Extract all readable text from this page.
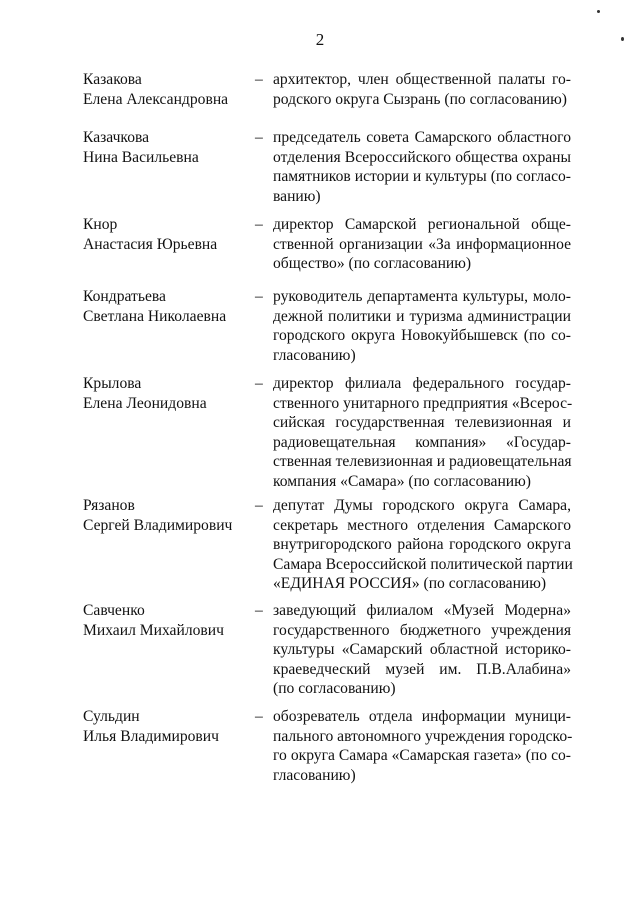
2
Казакова
Елена Александровна
– архитектор, член общественной палаты го-
родского округа Сызрань (по согласованию)
Казачкова
Нина Васильевна
– председатель совета Самарского областного
отделения Всероссийского общества охраны
памятников истории и культуры (по согласо-
ванию)
Кнор
Анастасия Юрьевна
– директор Самарской региональной обще-
ственной организации «За информационное
общество» (по согласованию)
Кондратьева
Светлана Николаевна
– руководитель департамента культуры, моло-
дежной политики и туризма администрации
городского округа Новокуйбышевск (по со-
гласованию)
Крылова
Елена Леонидовна
– директор филиала федерального государ-
ственного унитарного предприятия «Всерос-
сийская государственная телевизионная и
радиовещательная компания» «Государ-
ственная телевизионная и радиовещательная
компания «Самара» (по согласованию)
Рязанов
Сергей Владимирович
– депутат Думы городского округа Самара,
секретарь местного отделения Самарского
внутригородского района городского округа
Самара Всероссийской политической партии
«ЕДИНАЯ РОССИЯ» (по согласованию)
Савченко
Михаил Михайлович
– заведующий филиалом «Музей Модерна»
государственного бюджетного учреждения
культуры «Самарский областной историко-
краеведческий музей им. П.В.Алабина»
(по согласованию)
Сульдин
Илья Владимирович
– обозреватель отдела информации муници-
пального автономного учреждения городско-
го округа Самара «Самарская газета» (по со-
гласованию)
